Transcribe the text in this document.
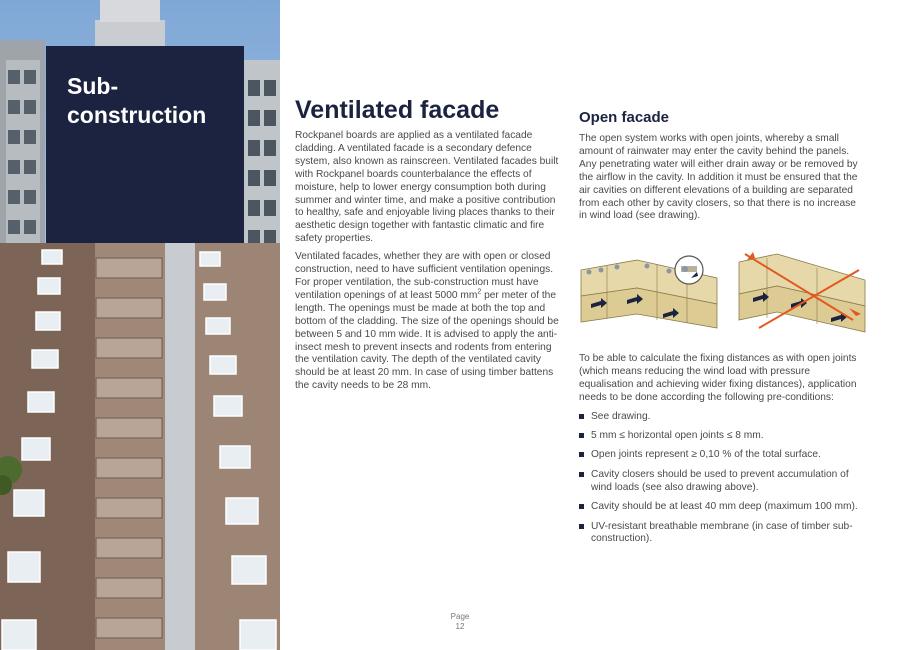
Sub-
construction	Ventilated facade

Rockpanel boards are applied as a ventilated facade cladding. A ventilated facade is a secondary defence system, also known as rainscreen. Ventilated facades built with Rockpanel boards counterbalance the effects of moisture, help to lower energy consumption both during summer and winter time, and make a positive contribution to healthy, safe and enjoyable living places thanks to their aesthetic design together with fantastic climatic and fire safety properties.

Ventilated facades, whether they are with open or closed construction, need to have sufficient ventilation openings. For proper ventilation, the sub-construction must have ventilation openings of at least 5000 $mm^2$ per meter of the length. The openings must be made at both the top and bottom of the cladding. The size of the openings should be between 5 and 10 mm wide. It is advised to apply the anti-insect mesh to prevent insects and rodents from entering the ventilation cavity. The depth of the ventilated cavity should be at least 20 mm. In case of using timber battens the cavity needs to be 28 mm.

Open facade

The open system works with open joints, whereby a small amount of rainwater may enter the cavity behind the panels. Any penetrating water will either drain away or be removed by the airflow in the cavity. In addition it must be ensured that the air cavities on different elevations of a building are separated from each other by cavity closers, so that there is no increase in wind load (see drawing).

To be able to calculate the fixing distances as with open joints (which means reducing the wind load with pressure equalisation and achieving wider fixing distances), application needs to be done according the following pre-conditions:

See drawing.
5 mm ≤ horizontal open joints ≤ 8 mm.
Open joints represent ≥ 0,10 % of the total surface.
Cavity closers should be used to prevent accumulation of wind loads (see also drawing above).
Cavity should be at least 40 mm deep (maximum 100 mm).
UV-resistant breathable membrane (in case of timber sub-construction).
Page
12
